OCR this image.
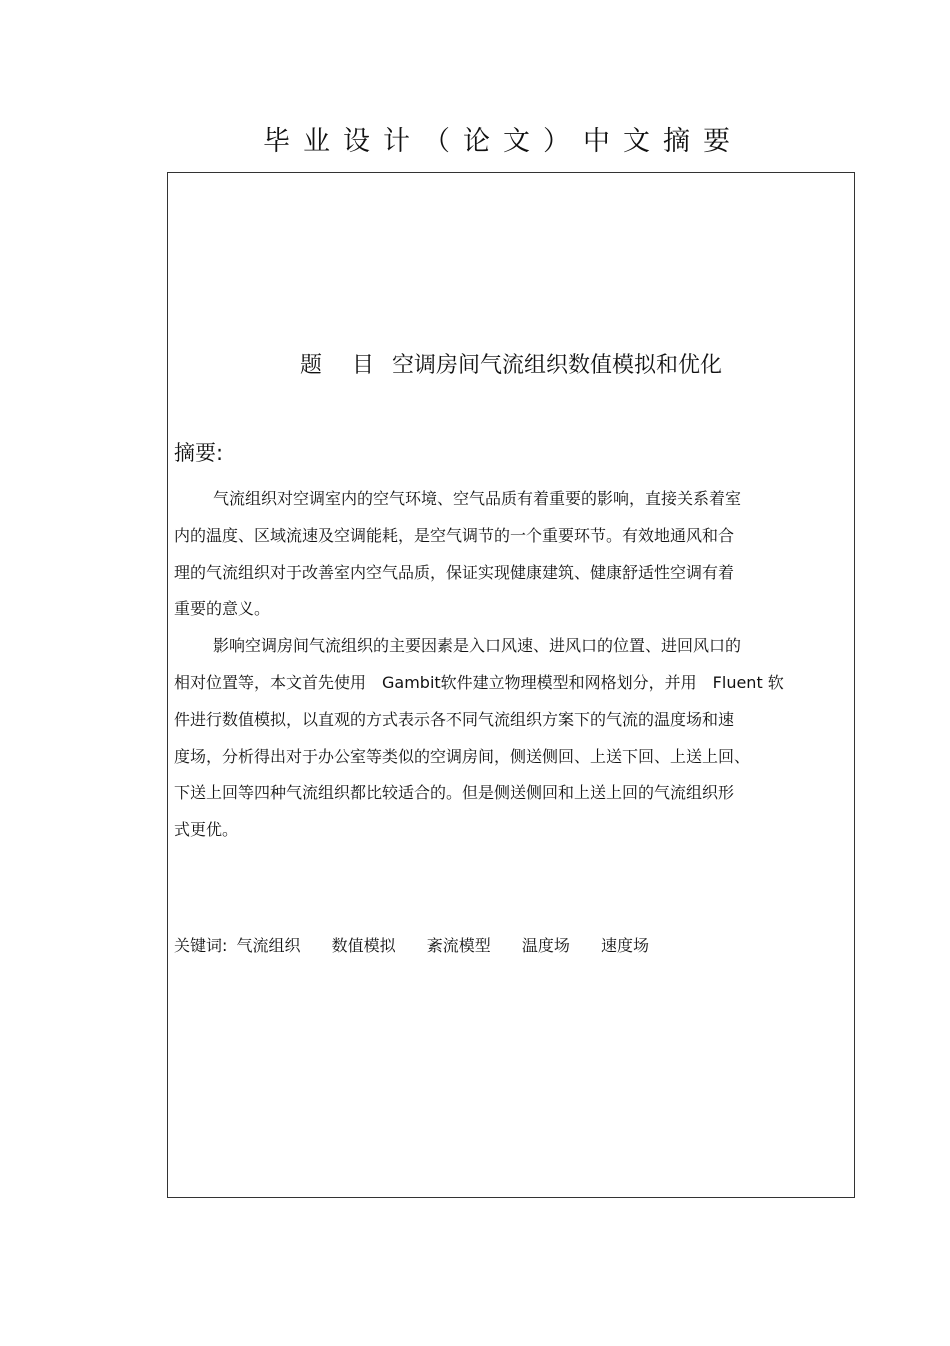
毕业设计（论文）中文摘要
题 目 空调房间气流组织数值模拟和优化
摘要:
气流组织对空调室内的空气环境、空气品质有着重要的影响，直接关系着室
内的温度、区域流速及空调能耗，是空气调节的一个重要环节。有效地通风和合
理的气流组织对于改善室内空气品质，保证实现健康建筑、健康舒适性空调有着
重要的意义。
影响空调房间气流组织的主要因素是入口风速、进风口的位置、进回风口的
相对位置等，本文首先使用　Gambit软件建立物理模型和网格划分，并用　Fluent 软
件进行数值模拟，以直观的方式表示各不同气流组织方案下的气流的温度场和速
度场，分析得出对于办公室等类似的空调房间，侧送侧回、上送下回、上送上回、
下送上回等四种气流组织都比较适合的。但是侧送侧回和上送上回的气流组织形
式更优。
关键词: 气流组织 数值模拟 紊流模型 温度场 速度场
